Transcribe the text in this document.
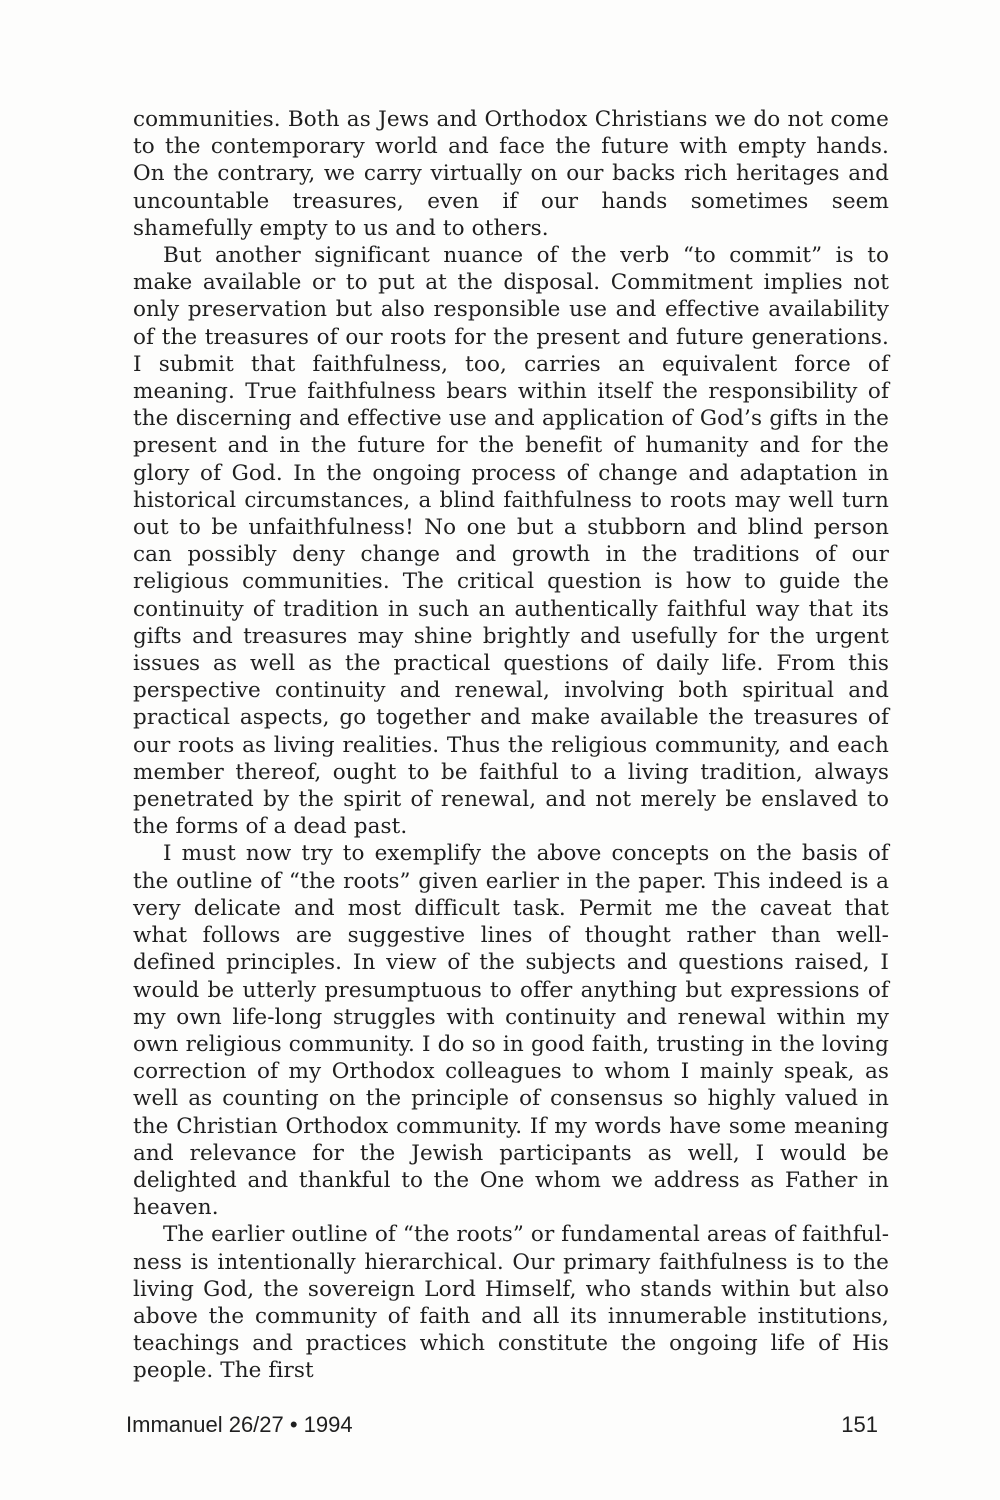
communities. Both as Jews and Orthodox Christians we do not come to the contemporary world and face the future with empty hands. On the contrary, we carry virtually on our backs rich heritages and uncountable treasures, even if our hands sometimes seem shamefully empty to us and to others.

But another significant nuance of the verb “to commit” is to make available or to put at the disposal. Commitment implies not only preservation but also responsible use and effective availability of the treasures of our roots for the present and future generations. I submit that faithfulness, too, carries an equivalent force of meaning. True faithfulness bears within itself the responsibility of the discerning and effective use and application of God’s gifts in the present and in the future for the benefit of humanity and for the glory of God. In the ongoing process of change and adaptation in historical circumstances, a blind faithfulness to roots may well turn out to be unfaithfulness! No one but a stubborn and blind person can possibly deny change and growth in the traditions of our religious communities. The critical question is how to guide the continuity of tradition in such an authentically faithful way that its gifts and treasures may shine brightly and usefully for the urgent issues as well as the practical questions of daily life. From this perspective continuity and renewal, involving both spiritual and practical aspects, go together and make available the treasures of our roots as living realities. Thus the religious community, and each member thereof, ought to be faithful to a living tradition, always penetrated by the spirit of renewal, and not merely be enslaved to the forms of a dead past.

I must now try to exemplify the above concepts on the basis of the outline of “the roots” given earlier in the paper. This indeed is a very delicate and most difficult task. Permit me the caveat that what follows are suggestive lines of thought rather than well-defined principles. In view of the subjects and questions raised, I would be utterly presumptuous to offer anything but expressions of my own life-long struggles with continuity and renewal within my own religious community. I do so in good faith, trusting in the loving correction of my Orthodox colleagues to whom I mainly speak, as well as counting on the principle of consensus so highly valued in the Christian Orthodox community. If my words have some meaning and relevance for the Jewish participants as well, I would be delighted and thankful to the One whom we address as Father in heaven.

The earlier outline of “the roots” or fundamental areas of faithfulness is intentionally hierarchical. Our primary faithfulness is to the living God, the sovereign Lord Himself, who stands within but also above the community of faith and all its innumerable institutions, teachings and practices which constitute the ongoing life of His people. The first

Immanuel 26/27 • 1994	151
